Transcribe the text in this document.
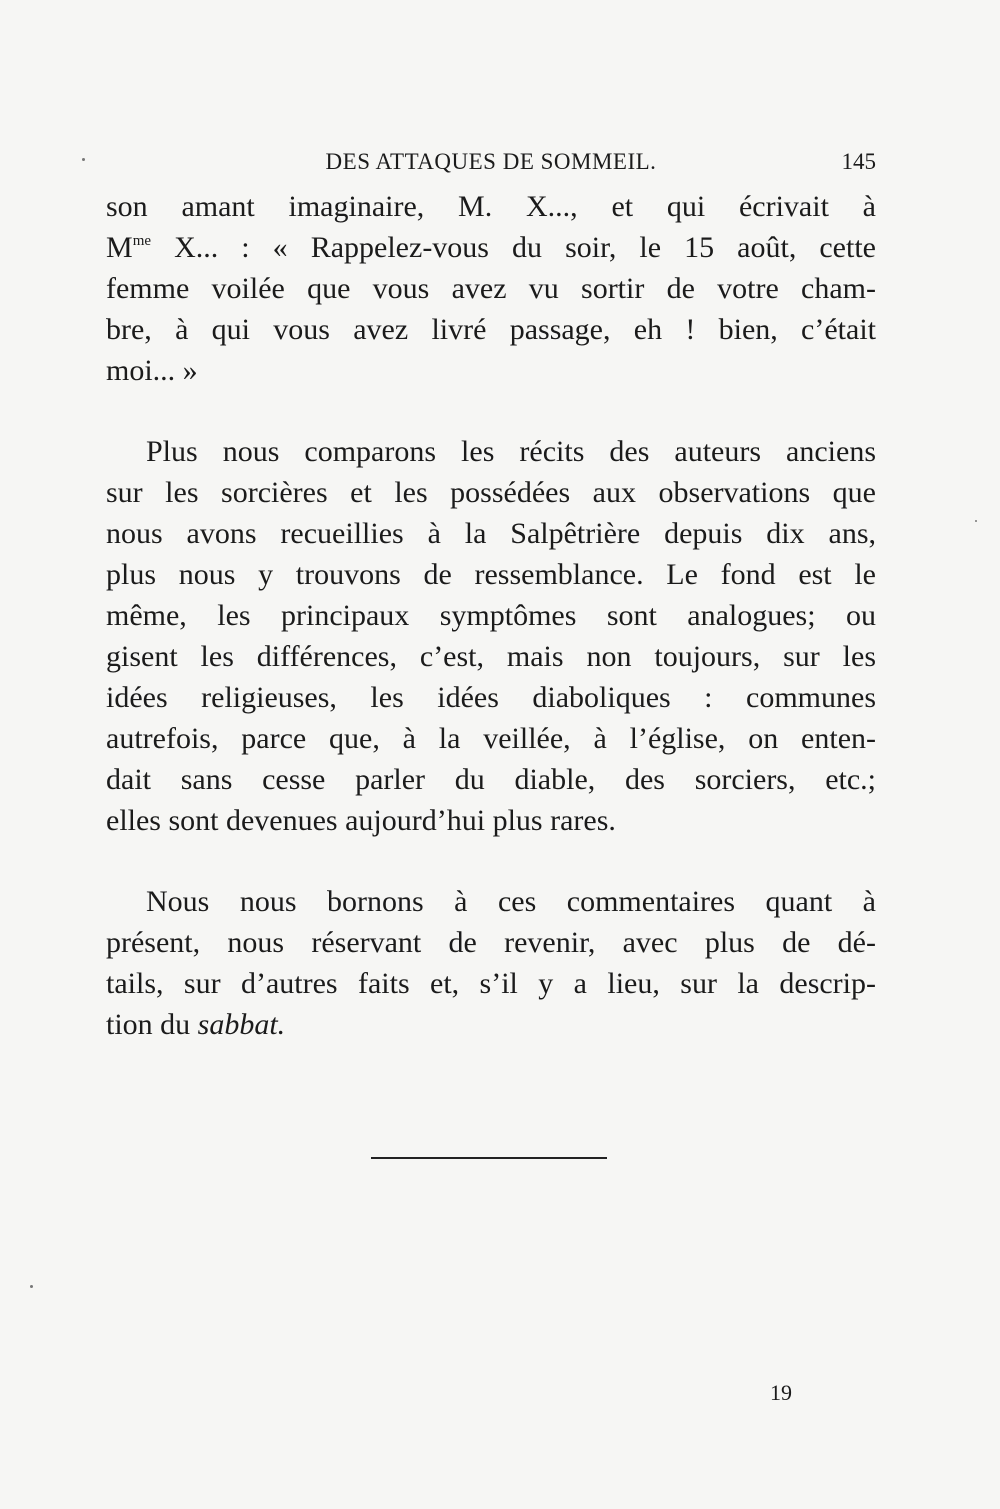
DES ATTAQUES DE SOMMEIL.	145
son amant imaginaire, M. X..., et qui écrivait à
$M^{me}$ X... : « Rappelez-vous du soir, le 15 août, cette
femme voilée que vous avez vu sortir de votre cham-
bre, à qui vous avez livré passage, eh ! bien, c’était
moi... »
Plus nous comparons les récits des auteurs anciens
sur les sorcières et les possédées aux observations que
nous avons recueillies à la Salpêtrière depuis dix ans,
plus nous y trouvons de ressemblance. Le fond est le
même, les principaux symptômes sont analogues; ou
gisent les différences, c’est, mais non toujours, sur les
idées religieuses, les idées diaboliques : communes
autrefois, parce que, à la veillée, à l’église, on enten-
dait sans cesse parler du diable, des sorciers, etc.;
elles sont devenues aujourd’hui plus rares.
Nous nous bornons à ces commentaires quant à
présent, nous réservant de revenir, avec plus de dé-
tails, sur d’autres faits et, s’il y a lieu, sur la descrip-
tion du sabbat.
19
